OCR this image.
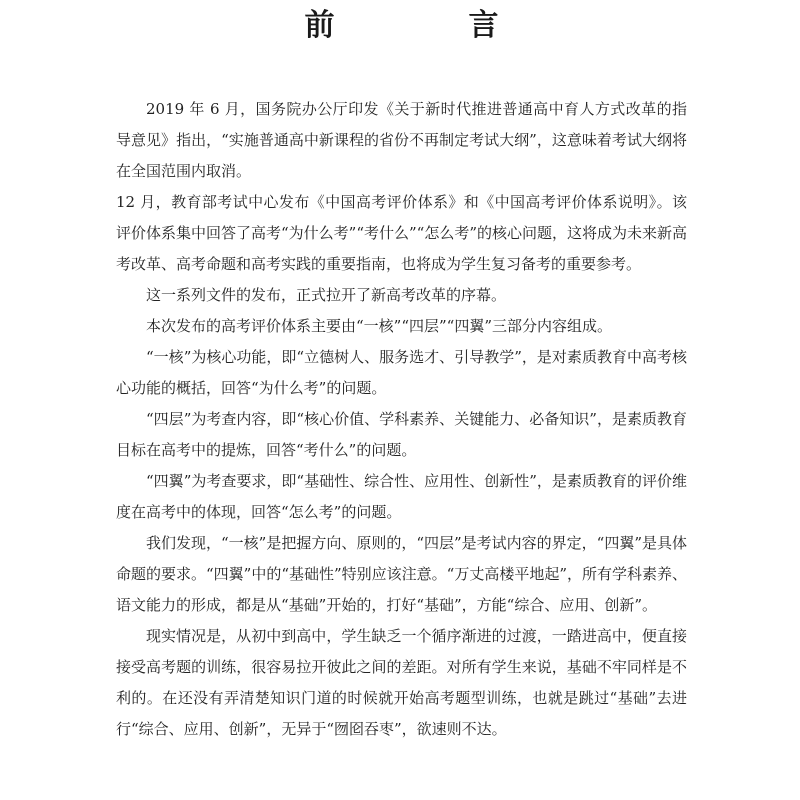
前　言

2019 年 6 月，国务院办公厅印发《关于新时代推进普通高中育人方式改革的指导意见》指出，“实施普通高中新课程的省份不再制定考试大纲”，这意味着考试大纲将在全国范围内取消。

12 月，教育部考试中心发布《中国高考评价体系》和《中国高考评价体系说明》。该评价体系集中回答了高考“为什么考”“考什么”“怎么考”的核心问题，这将成为未来新高考改革、高考命题和高考实践的重要指南，也将成为学生复习备考的重要参考。

这一系列文件的发布，正式拉开了新高考改革的序幕。

本次发布的高考评价体系主要由“一核”“四层”“四翼”三部分内容组成。

“一核”为核心功能，即“立德树人、服务选才、引导教学”，是对素质教育中高考核心功能的概括，回答“为什么考”的问题。

“四层”为考查内容，即“核心价值、学科素养、关键能力、必备知识”，是素质教育目标在高考中的提炼，回答“考什么”的问题。

“四翼”为考查要求，即“基础性、综合性、应用性、创新性”，是素质教育的评价维度在高考中的体现，回答“怎么考”的问题。

我们发现，“一核”是把握方向、原则的，“四层”是考试内容的界定，“四翼”是具体命题的要求。“四翼”中的“基础性”特别应该注意。“万丈高楼平地起”，所有学科素养、语文能力的形成，都是从“基础”开始的，打好“基础”，方能“综合、应用、创新”。

现实情况是，从初中到高中，学生缺乏一个循序渐进的过渡，一踏进高中，便直接接受高考题的训练，很容易拉开彼此之间的差距。对所有学生来说，基础不牢同样是不利的。在还没有弄清楚知识门道的时候就开始高考题型训练，也就是跳过“基础”去进行“综合、应用、创新”，无异于“囫囵吞枣”，欲速则不达。
